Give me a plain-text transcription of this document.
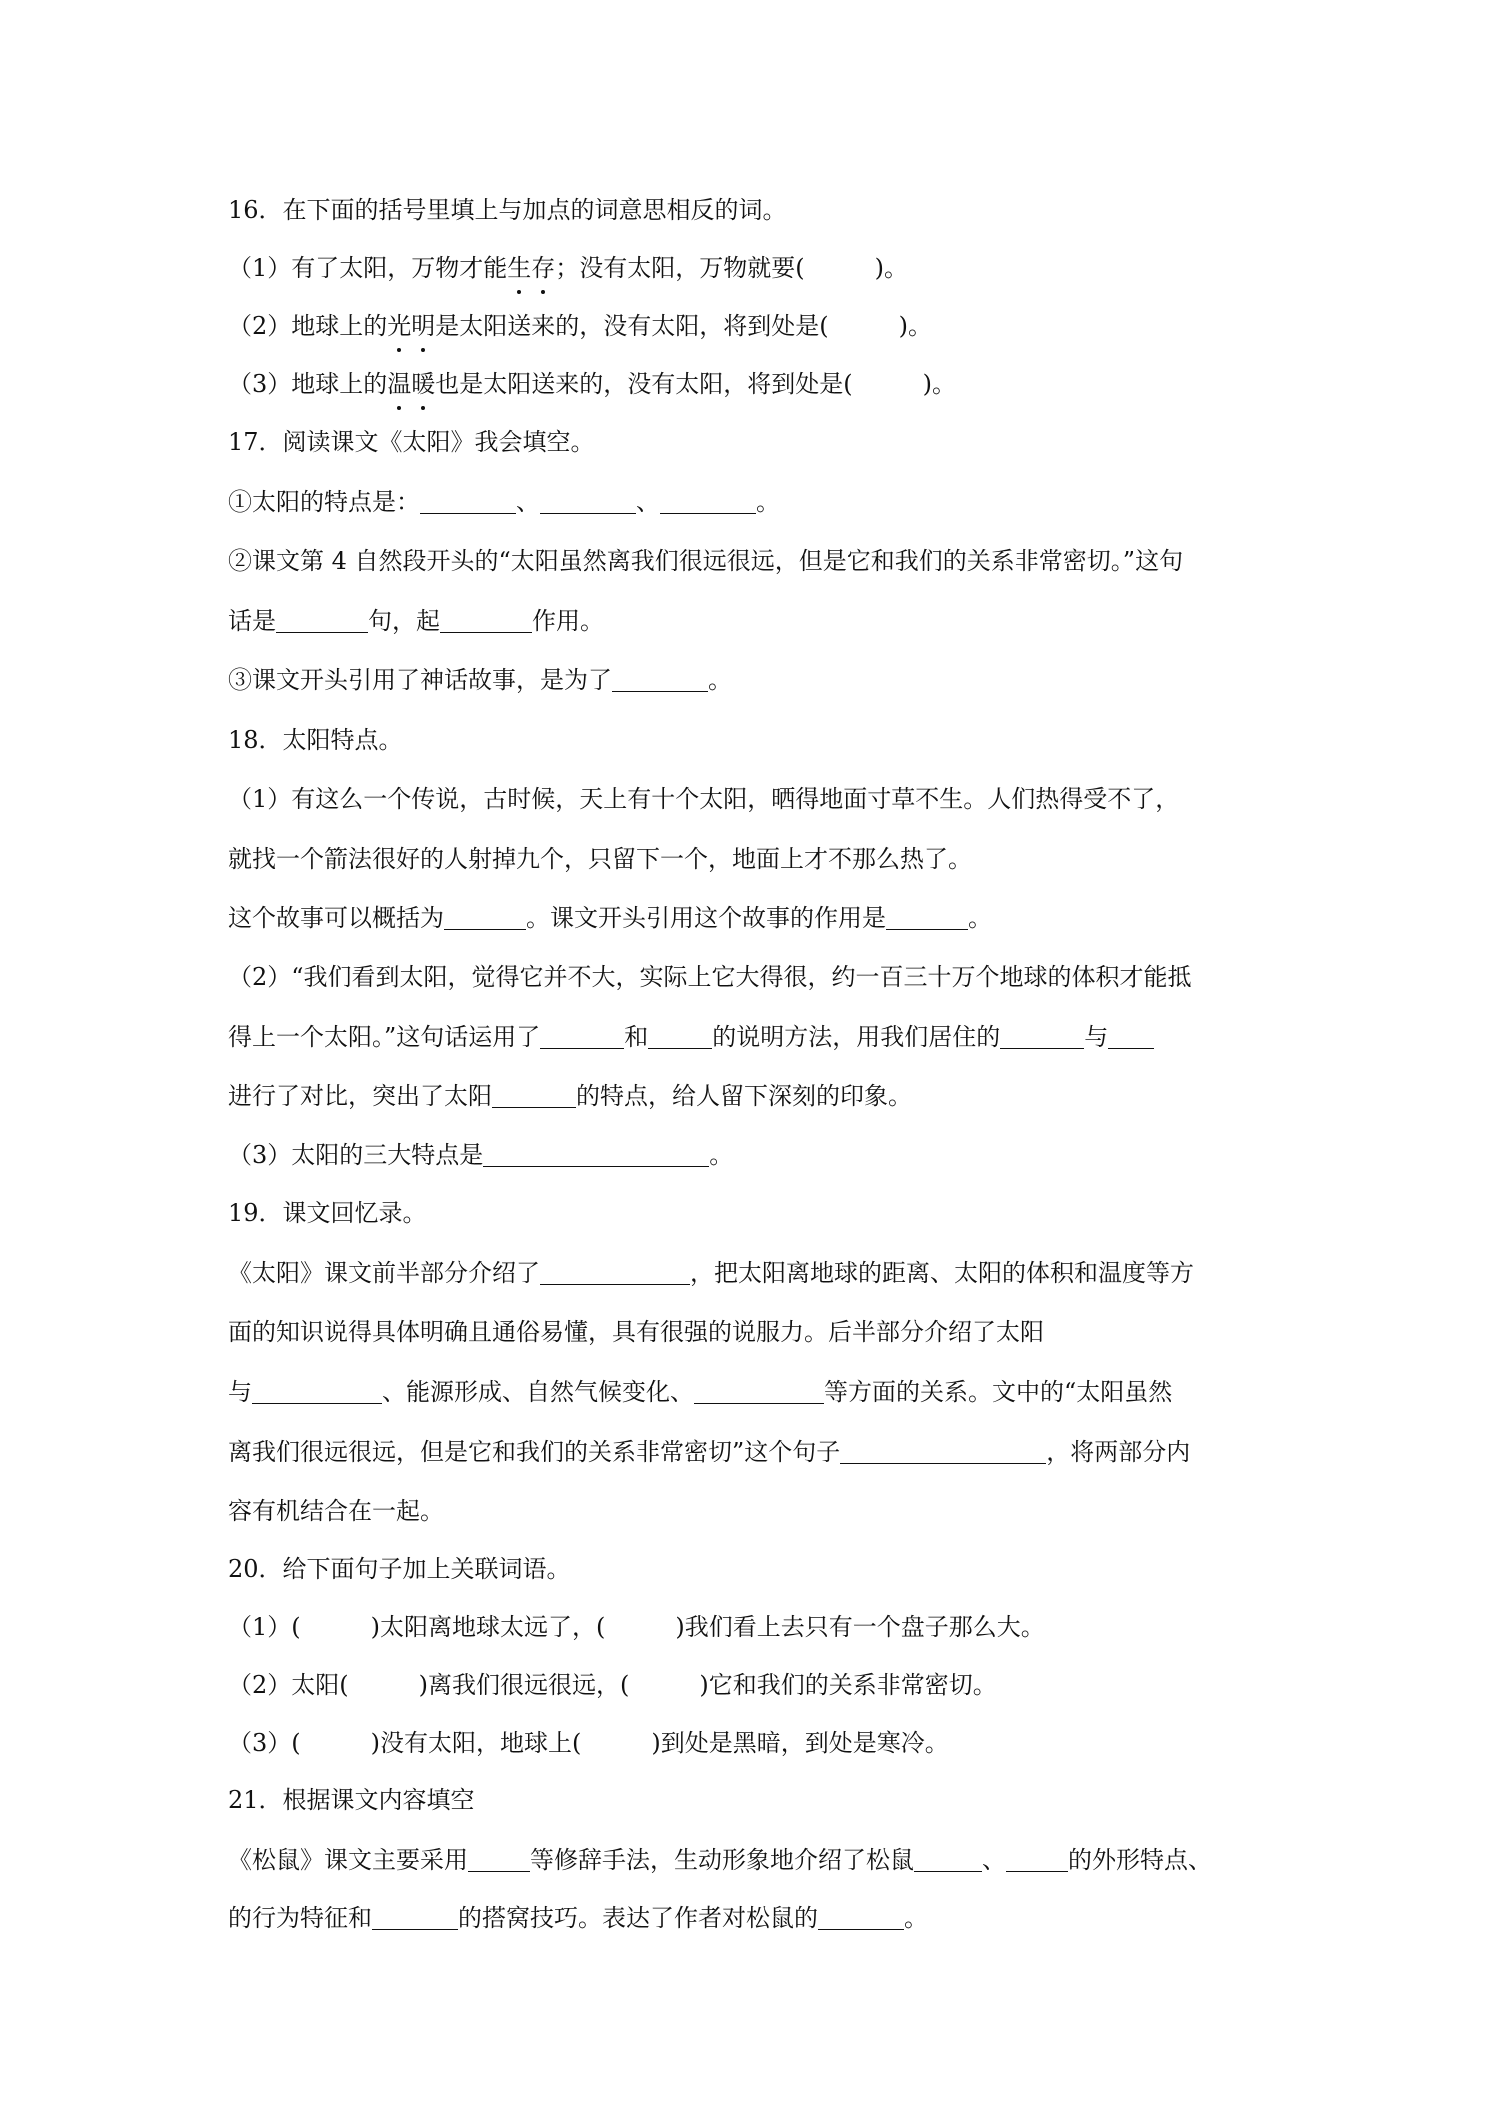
16．在下面的括号里填上与加点的词意思相反的词。
（1）有了太阳，万物才能生存；没有太阳，万物就要(	)。
（2）地球上的光明是太阳送来的，没有太阳，将到处是(	)。
（3）地球上的温暖也是太阳送来的，没有太阳，将到处是(	)。
17．阅读课文《太阳》我会填空。
①太阳的特点是：	、	、	。
②课文第 4 自然段开头的“太阳虽然离我们很远很远，但是它和我们的关系非常密切。”这句
话是	句，起	作用。
③课文开头引用了神话故事，是为了	。
18．太阳特点。
（1）有这么一个传说，古时候，天上有十个太阳，晒得地面寸草不生。人们热得受不了，
就找一个箭法很好的人射掉九个，只留下一个，地面上才不那么热了。
这个故事可以概括为	。课文开头引用这个故事的作用是	。
（2）“我们看到太阳，觉得它并不大，实际上它大得很，约一百三十万个地球的体积才能抵
得上一个太阳。”这句话运用了	和	的说明方法，用我们居住的	与
进行了对比，突出了太阳	的特点，给人留下深刻的印象。
（3）太阳的三大特点是	。
19．课文回忆录。
《太阳》课文前半部分介绍了	，把太阳离地球的距离、太阳的体积和温度等方
面的知识说得具体明确且通俗易懂，具有很强的说服力。后半部分介绍了太阳
与	、能源形成、自然气候变化、	等方面的关系。文中的“太阳虽然
离我们很远很远，但是它和我们的关系非常密切”这个句子	，将两部分内
容有机结合在一起。
20．给下面句子加上关联词语。
（1）(	)太阳离地球太远了，(	)我们看上去只有一个盘子那么大。
（2）太阳(	)离我们很远很远，(	)它和我们的关系非常密切。
（3）(	)没有太阳，地球上(	)到处是黑暗，到处是寒冷。
21．根据课文内容填空
《松鼠》课文主要采用	等修辞手法，生动形象地介绍了松鼠	、	的外形特点、
的行为特征和	的搭窝技巧。表达了作者对松鼠的	。
